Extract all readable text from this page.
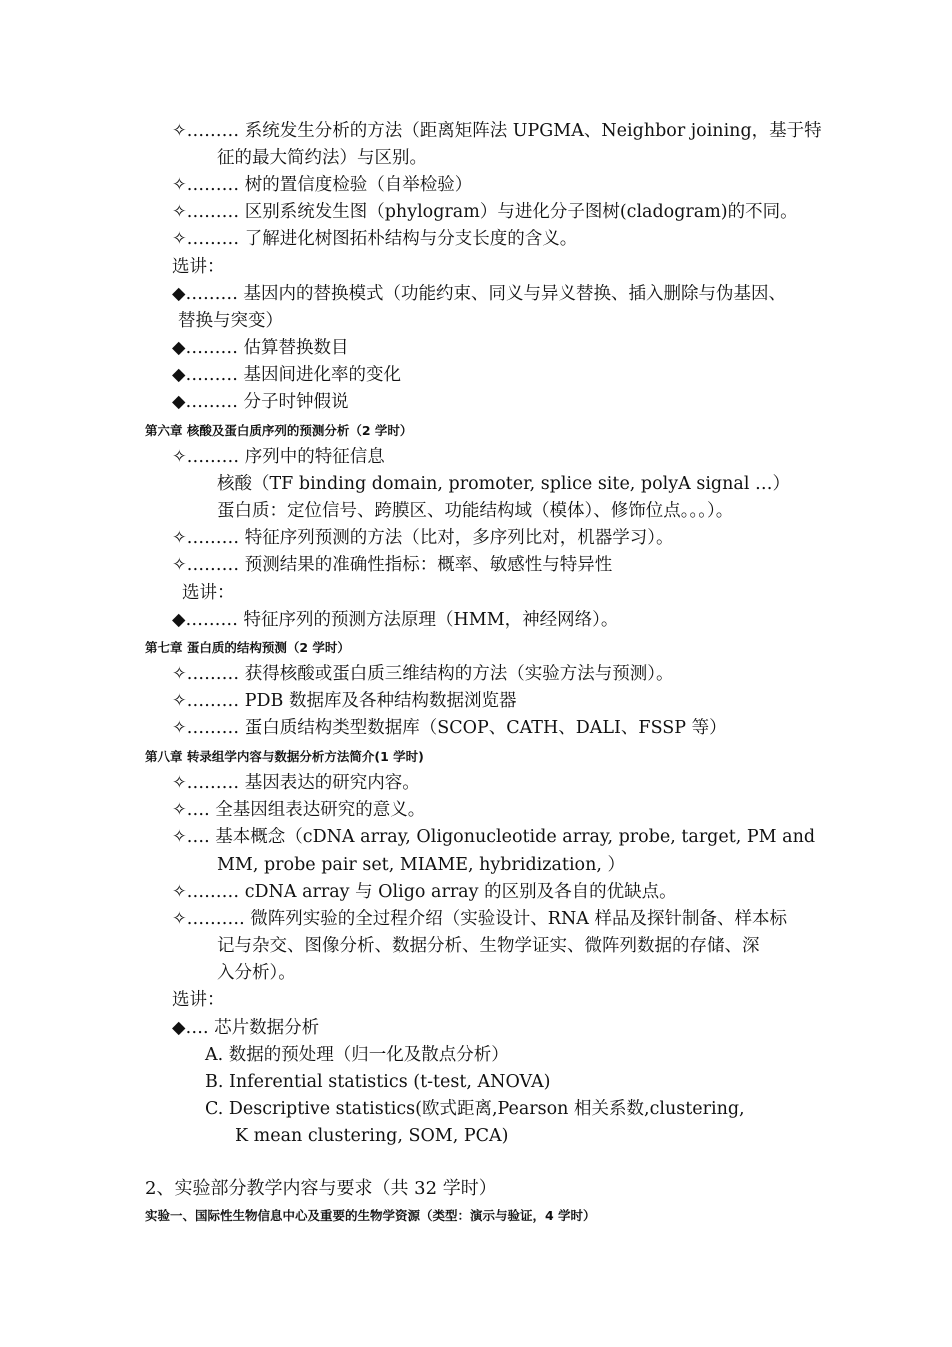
✧……… 系统发生分析的方法（距离矩阵法 UPGMA、Neighbor joining，基于特
征的最大简约法）与区别。
✧……… 树的置信度检验（自举检验）
✧……… 区别系统发生图（phylogram）与进化分子图树(cladogram)的不同。
✧……… 了解进化树图拓朴结构与分支长度的含义。
选讲：
◆……… 基因内的替换模式（功能约束、同义与异义替换、插入删除与伪基因、
替换与突变）
◆……… 估算替换数目
◆……… 基因间进化率的变化
◆……… 分子时钟假说
第六章 核酸及蛋白质序列的预测分析（2 学时）
✧……… 序列中的特征信息
核酸（TF binding domain, promoter, splice site, polyA signal …）
蛋白质：定位信号、跨膜区、功能结构域（模体）、修饰位点。。。）。
✧……… 特征序列预测的方法（比对，多序列比对，机器学习）。
✧……… 预测结果的准确性指标：概率、敏感性与特异性
选讲：
◆……… 特征序列的预测方法原理（HMM，神经网络）。
第七章 蛋白质的结构预测（2 学时）
✧……… 获得核酸或蛋白质三维结构的方法（实验方法与预测）。
✧……… PDB 数据库及各种结构数据浏览器
✧……… 蛋白质结构类型数据库（SCOP、CATH、DALI、FSSP 等）
第八章 转录组学内容与数据分析方法简介(1 学时)
✧……… 基因表达的研究内容。
✧…. 全基因组表达研究的意义。
✧…. 基本概念（cDNA array, Oligonucleotide array, probe, target, PM and
MM, probe pair set, MIAME, hybridization, ）
✧……… cDNA array 与 Oligo array 的区别及各自的优缺点。
✧………. 微阵列实验的全过程介绍（实验设计、RNA 样品及探针制备、样本标
记与杂交、图像分析、数据分析、生物学证实、微阵列数据的存储、深
入分析）。
选讲：
◆…. 芯片数据分析
A. 数据的预处理（归一化及散点分析）
B. Inferential statistics (t-test, ANOVA)
C. Descriptive statistics(欧式距离,Pearson 相关系数,clustering,
K mean clustering, SOM, PCA)
2、实验部分教学内容与要求（共 32 学时）
实验一、国际性生物信息中心及重要的生物学资源（类型：演示与验证，4 学时）
